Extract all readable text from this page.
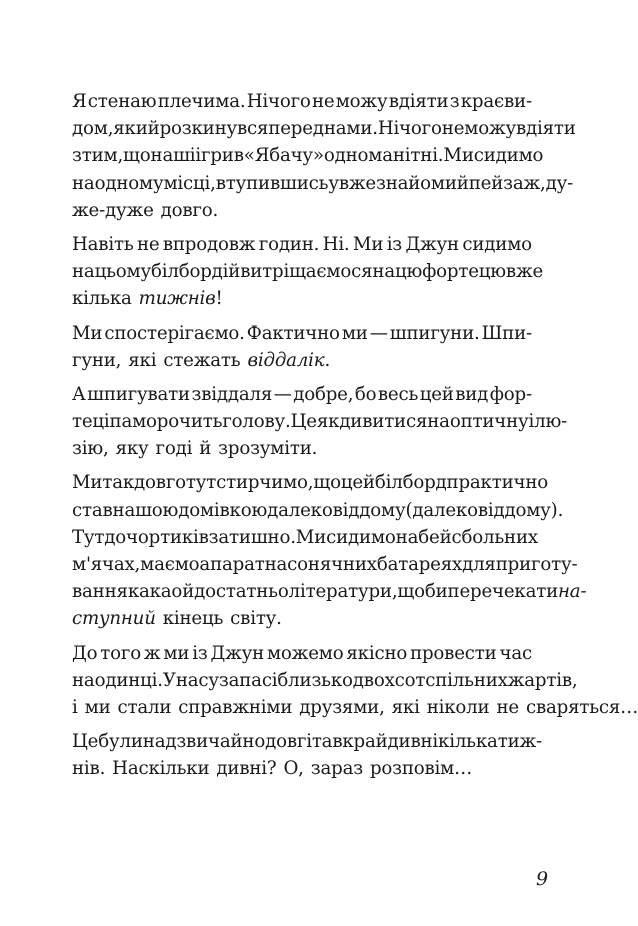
Я стенаю плечима. Нічого не можу вдіяти з краєви-
дом, який розкинувся перед нами. Нічого не можу вдіяти
з тим, що наші ігри в «Я бачу» одноманітні. Ми сидимо
на одному місці, втупившись у вже знайомий пейзаж, ду-
же-дуже довго.
Навіть не впродовж годин. Ні. Ми із Джун сидимо
на цьому білборді й витріщаємося на цю фортецю вже
кілька тижнів!
Ми спостерігаємо. Фактично ми — шпигуни. Шпи-
гуни, які стежать віддалік.
А шпигувати звіддаля — добре, бо весь цей вид фор-
теці паморочить голову. Це як дивитися на оптичну ілю-
зію, яку годі й зрозуміти.
Ми так довго тут стирчимо, що цей білборд практично
став нашою домівкою далеко від дому (далеко від дому).
Тут до чортиків затишно. Ми сидимо на бейсбольних
м'ячах, маємо апарат на сонячних батареях для приготу-
вання какао й достатньо літератури, щоби перечекати на-
ступний кінець світу.
До того ж ми із Джун можемо якісно провести час
наодинці. У нас у запасі близько двохсот спільних жартів,
і ми стали справжніми друзями, які ніколи не сваряться…
Це були надзвичайно довгі та вкрай дивні кілька тиж-
нів. Наскільки дивні? О, зараз розповім…
9
